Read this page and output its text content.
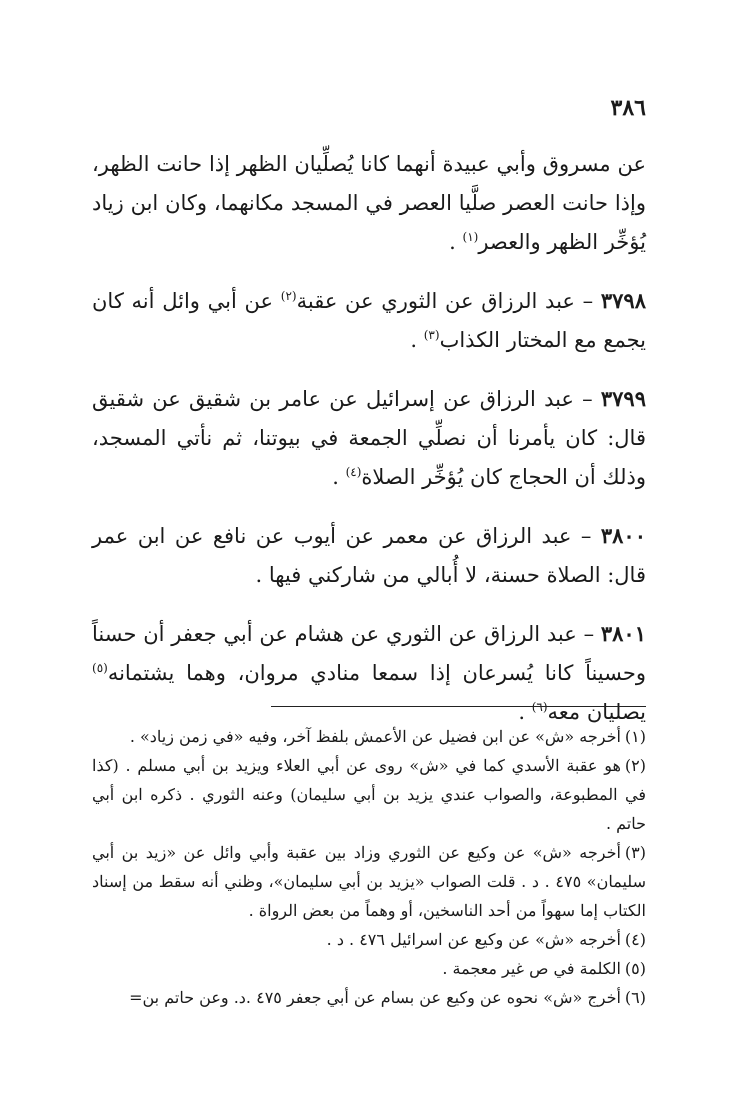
٣٨٦

عن مسروق وأبي عبيدة أنهما كانا يُصلِّيان الظهر إذا حانت الظهر، وإذا حانت العصر صلَّيا العصر في المسجد مكانهما، وكان ابن زياد يُؤخِّر الظهر والعصر$^{(١)}$ .

٣٧٩٨ – عبد الرزاق عن الثوري عن عقبة$^{(٢)}$ عن أبي وائل أنه كان يجمع مع المختار الكذاب$^{(٣)}$ .

٣٧٩٩ – عبد الرزاق عن إسرائيل عن عامر بن شقيق عن شقيق قال: كان يأمرنا أن نصلِّي الجمعة في بيوتنا، ثم نأتي المسجد، وذلك أن الحجاج كان يُؤخِّر الصلاة$^{(٤)}$ .

٣٨٠٠ – عبد الرزاق عن معمر عن أيوب عن نافع عن ابن عمر قال: الصلاة حسنة، لا أُبالي من شاركني فيها .

٣٨٠١ – عبد الرزاق عن الثوري عن هشام عن أبي جعفر أن حسناً وحسيناً كانا يُسرعان إذا سمعا منادي مروان، وهما يشتمانه$^{(٥)}$ يصليان معه$^{(٦)}$ .

(١)أخرجه «ش» عن ابن فضيل عن الأعمش بلفظ آخر، وفيه «في زمن زياد» .

(٢)هو عقبة الأسدي كما في «ش» روى عن أبي العلاء ويزيد بن أبي مسلم . (كذا في المطبوعة، والصواب عندي يزيد بن أبي سليمان) وعنه الثوري . ذكره ابن أبي حاتم .

(٣)أخرجه «ش» عن وكيع عن الثوري وزاد بين عقبة وأبي وائل عن «زيد بن أبي سليمان» ٤٧٥ . د . قلت الصواب «يزيد بن أبي سليمان»، وظني أنه سقط من إسناد الكتاب إما سهواً من أحد الناسخين، أو وهماً من بعض الرواة .

(٤)أخرجه «ش» عن وكيع عن اسرائيل ٤٧٦ . د .

(٥)الكلمة في ص غير معجمة .

(٦)أخرج «ش» نحوه عن وكيع عن بسام عن أبي جعفر ٤٧٥ .د. وعن حاتم بن=
